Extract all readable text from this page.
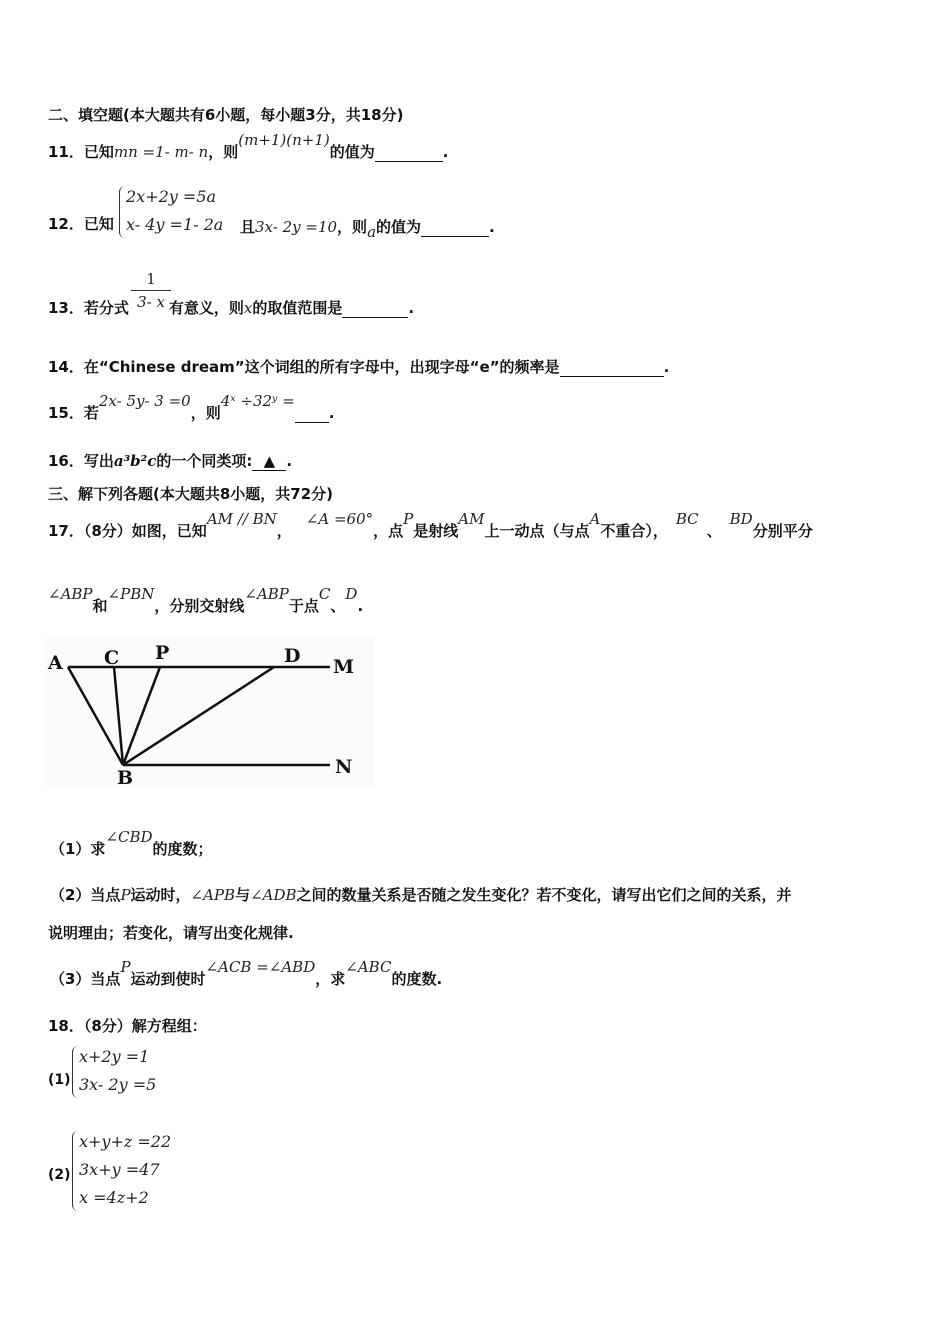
二、填空题(本大题共有6小题，每小题3分，共18分)
11．已知mn =1- m- n，则(m+1)(n+1)的值为	.
2x+2y =5a
x- 4y =1- 2a
12．已知	且3x- 2y =10，则a的值为	.
13．若分式	有意义，则x的取值范围是	.
$\frac{1}{3- x}$
14．在“Chinese dream”这个词组的所有字母中，出现字母“e”的频率是	.
15．若2x- 5y- 3 =0，则4ˣ ÷32ʸ =.
16．写出a³b²c的一个同类项: ▲ .
三、解下列各题(本大题共8小题，共72分)
17．（8分）如图，已知AM // BN，∠A =60°，点P是射线AM上一动点（与点A不重合），BC、BD分别平分
∠ABP和∠PBN，分别交射线∠ABP于点C、D.
A C P	D M
B	N
（1）求∠CBD的度数；
（2）当点P运动时，∠APB与∠ADB之间的数量关系是否随之发生变化？若不变化，请写出它们之间的关系，并
说明理由；若变化，请写出变化规律.
（3）当点P运动到使时∠ACB =∠ABD，求∠ABC的度数.
18．（8分）解方程组：
(1)
x+2y =1
3x- 2y =5
(2)
x+y+z =22
3x+y =47
x =4z+2
